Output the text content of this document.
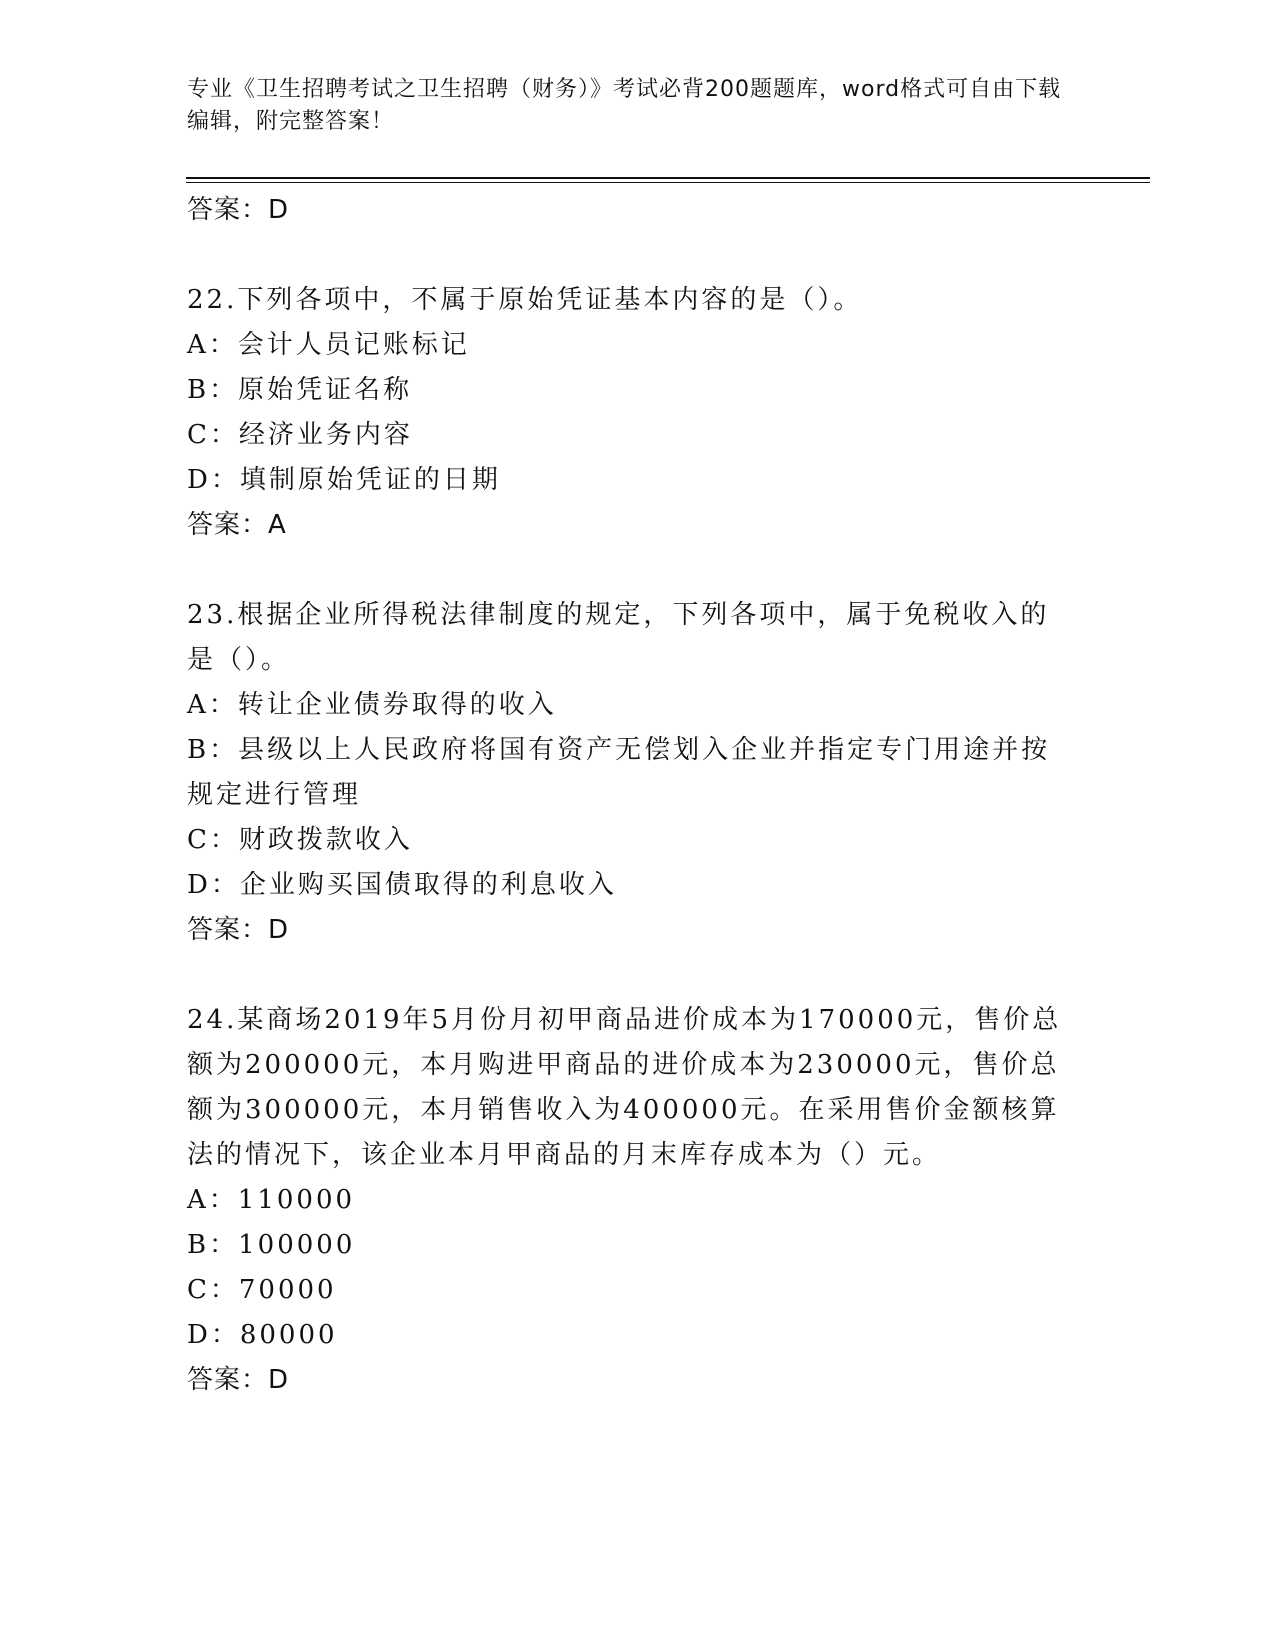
专业《卫生招聘考试之卫生招聘（财务）》考试必背200题题库，word格式可自由下载编辑，附完整答案！
答案：D
22.下列各项中，不属于原始凭证基本内容的是（）。
A：会计人员记账标记
B：原始凭证名称
C：经济业务内容
D：填制原始凭证的日期
答案：A
23.根据企业所得税法律制度的规定，下列各项中，属于免税收入的是（）。
A：转让企业债券取得的收入
B：县级以上人民政府将国有资产无偿划入企业并指定专门用途并按规定进行管理
C：财政拨款收入
D：企业购买国债取得的利息收入
答案：D
24.某商场2019年5月份月初甲商品进价成本为170000元，售价总额为200000元，本月购进甲商品的进价成本为230000元，售价总额为300000元，本月销售收入为400000元。在采用售价金额核算法的情况下，该企业本月甲商品的月末库存成本为（）元。
A：110000
B：100000
C：70000
D：80000
答案：D
